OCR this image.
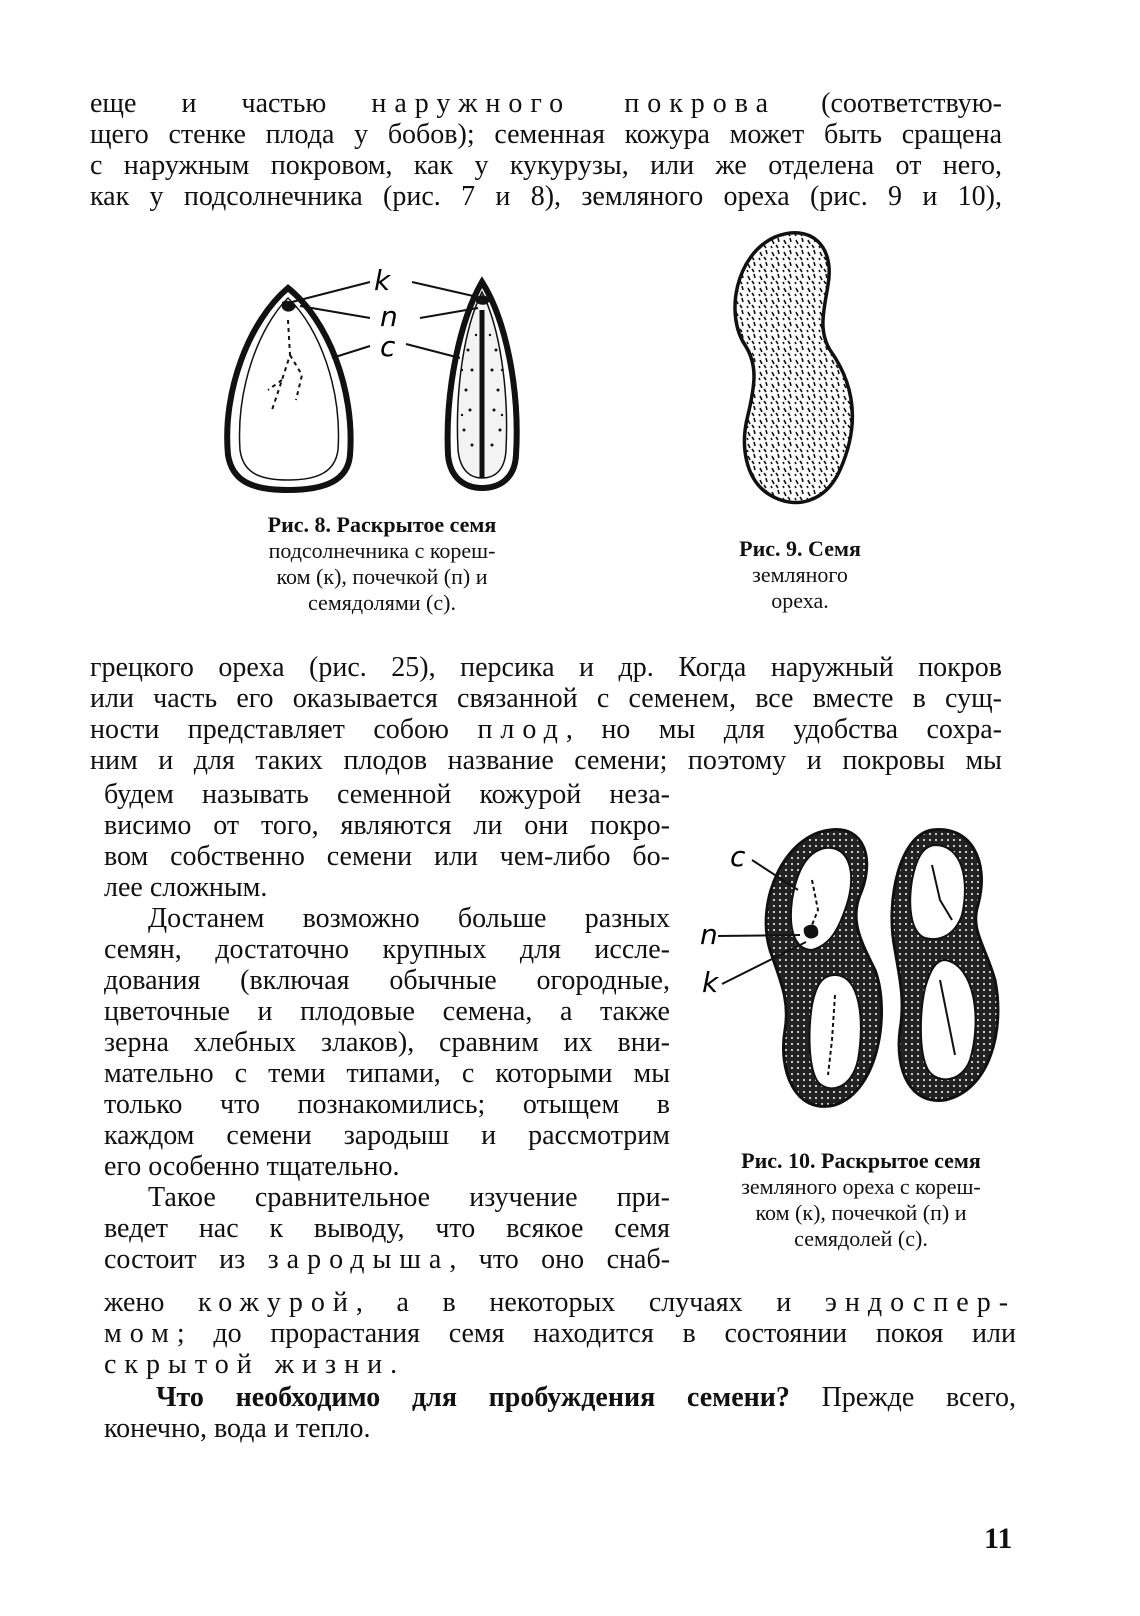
еще и частью наружного покрова (соответствую-
щего стенке плода у бобов); семенная кожура может быть сращена
с наружным покровом, как у кукурузы, или же отделена от него,
как у подсолнечника (рис. 7 и 8), земляного ореха (рис. 9 и 10),
k
n
c
Рис. 8. Раскрытое семя
подсолнечника с кореш-
ком (к), почечкой (п) и
семядолями (с).
Рис. 9. Семя
земляного
ореха.
грецкого ореха (рис. 25), персика и др. Когда наружный покров
или часть его оказывается связанной с семенем, все вместе в сущ-
ности представляет собою плод, но мы для удобства сохра-
ним и для таких плодов название семени; поэтому и покровы мы
будем называть семенной кожурой неза-
висимо от того, являются ли они покро-
вом собственно семени или чем-либо бо-
лее сложным.
Достанем возможно больше разных
семян, достаточно крупных для иссле-
дования (включая обычные огородные,
цветочные и плодовые семена, а также
зерна хлебных злаков), сравним их вни-
мательно с теми типами, с которыми мы
только что познакомились; отыщем в
каждом семени зародыш и рассмотрим
его особенно тщательно.
Такое сравнительное изучение при-
ведет нас к выводу, что всякое семя
состоит из зародыша, что оно снаб-
c
n
k
Рис. 10. Раскрытое семя
земляного ореха с кореш-
ком (к), почечкой (п) и
семядолей (с).
жено кожурой, а в некоторых случаях и эндоспер-
мом; до прорастания семя находится в состоянии покоя или
скрытой жизни.
Что необходимо для пробуждения семени? Прежде всего,
конечно, вода и тепло.
11
